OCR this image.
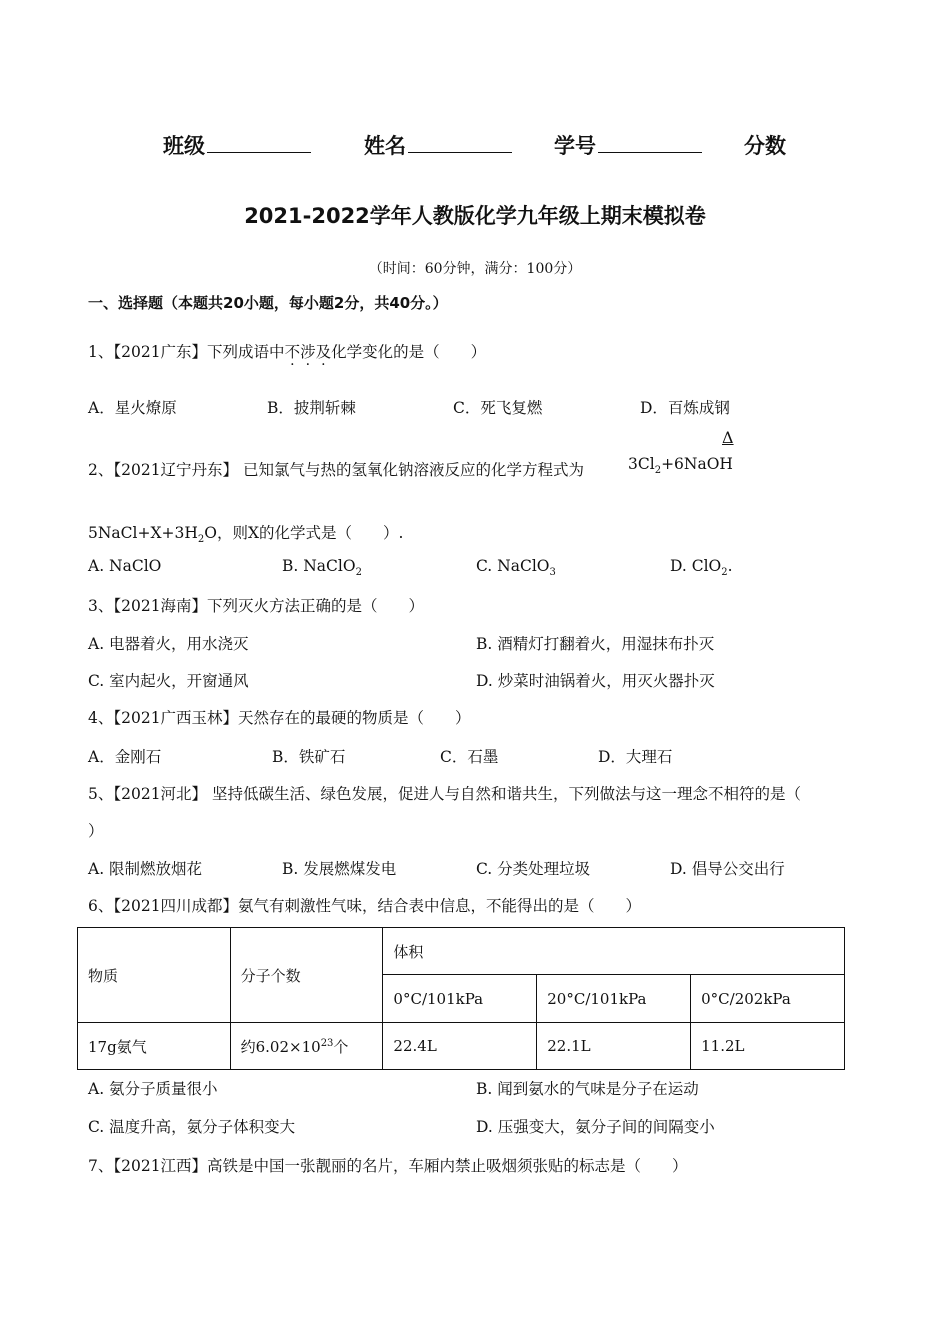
班级	姓名	学号	分数
2021-2022学年人教版化学九年级上期末模拟卷
（时间：60分钟，满分：100分）
一、选择题（本题共20小题，每小题2分，共40分。）
1、【2021广东】下列成语中不涉及化学变化的是（　　）
A．星火燎原	B．披荆斩棘	C．死飞复燃	D．百炼成钢
2、【2021辽宁丹东】 已知氯气与热的氢氧化钠溶液反应的化学方程式为	$3Cl_2+6NaOH$
Δ
$5NaCl+X+3H_2O$，则X的化学式是（　　）.
A. NaClO	B. NaClO$_2$	C. NaClO$_3$	D. ClO$_2$.
3、【2021海南】下列灭火方法正确的是（　　）
A. 电器着火，用水浇灭	B. 酒精灯打翻着火，用湿抹布扑灭
C. 室内起火，开窗通风	D. 炒菜时油锅着火，用灭火器扑灭
4、【2021广西玉林】天然存在的最硬的物质是（　　）
A．金刚石	B．铁矿石	C．石墨	D．大理石
5、【2021河北】 坚持低碳生活、绿色发展，促进人与自然和谐共生，下列做法与这一理念不相符的是（
）
A. 限制燃放烟花	B. 发展燃煤发电	C. 分类处理垃圾	D. 倡导公交出行
6、【2021四川成都】氨气有刺激性气味，结合表中信息，不能得出的是（　　）
物质	分子个数	体积		
		0°C/101kPa	20°C/101kPa	0°C/202kPa
17g氨气	约$6.02\times 10^{23}$个	22.4L	22.1L	11.2L
A. 氨分子质量很小	B. 闻到氨水的气味是分子在运动
C. 温度升高，氨分子体积变大	D. 压强变大，氨分子间的间隔变小
7、【2021江西】高铁是中国一张靓丽的名片，车厢内禁止吸烟须张贴的标志是（　　）
